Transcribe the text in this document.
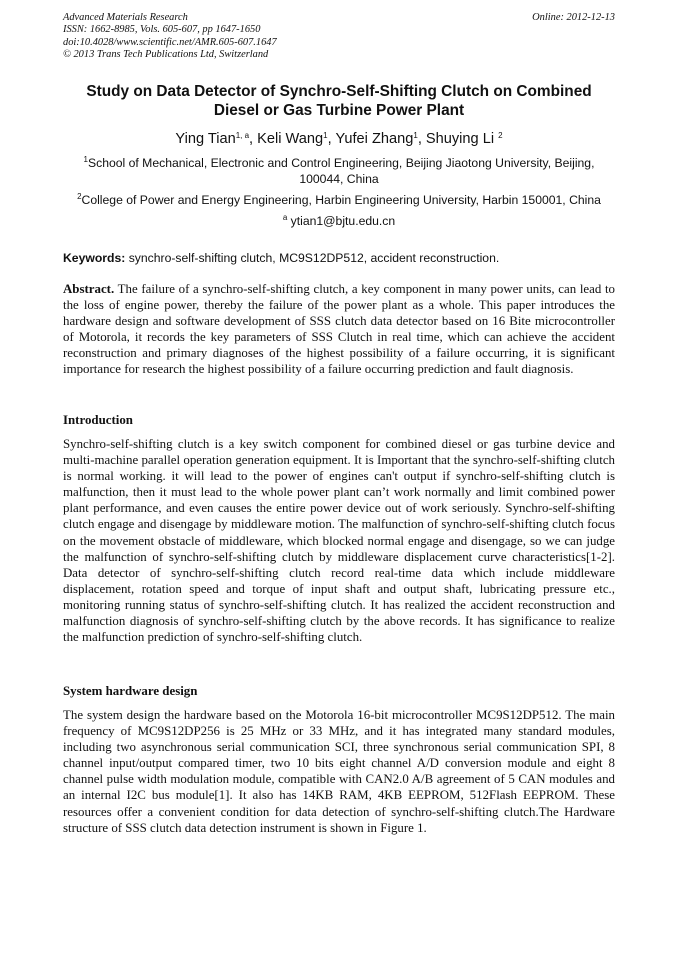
Advanced Materials Research
ISSN: 1662-8985, Vols. 605-607, pp 1647-1650
doi:10.4028/www.scientific.net/AMR.605-607.1647
© 2013 Trans Tech Publications Ltd, Switzerland
Online: 2012-12-13
Study on Data Detector of Synchro-Self-Shifting Clutch on Combined
Diesel or Gas Turbine Power Plant
Ying Tian$^{1, a}$, Keli Wang$^1$, Yufei Zhang$^1$, Shuying Li $^2$
$^1$School of Mechanical, Electronic and Control Engineering, Beijing Jiaotong University, Beijing, 100044, China
$^2$College of Power and Energy Engineering, Harbin Engineering University, Harbin 150001, China
$^a$ ytian1@bjtu.edu.cn
Keywords: synchro-self-shifting clutch, MC9S12DP512, accident reconstruction.
Abstract. The failure of a synchro-self-shifting clutch, a key component in many power units, can lead to the loss of engine power, thereby the failure of the power plant as a whole. This paper introduces the hardware design and software development of SSS clutch data detector based on 16 Bite microcontroller of Motorola, it records the key parameters of SSS Clutch in real time, which can achieve the accident reconstruction and primary diagnoses of the highest possibility of a failure occurring, it is significant importance for research the highest possibility of a failure occurring prediction and fault diagnosis.
Introduction
Synchro-self-shifting clutch is a key switch component for combined diesel or gas turbine device and multi-machine parallel operation generation equipment. It is Important that the synchro-self-shifting clutch is normal working. it will lead to the power of engines can't output if synchro-self-shifting clutch is malfunction, then it must lead to the whole power plant can’t work normally and limit combined power plant performance, and even causes the entire power device out of work seriously. Synchro-self-shifting clutch engage and disengage by middleware motion. The malfunction of synchro-self-shifting clutch focus on the movement obstacle of middleware, which blocked normal engage and disengage, so we can judge the malfunction of synchro-self-shifting clutch by middleware displacement curve characteristics[1-2]. Data detector of synchro-self-shifting clutch record real-time data which include middleware displacement, rotation speed and torque of input shaft and output shaft, lubricating pressure etc., monitoring running status of synchro-self-shifting clutch. It has realized the accident reconstruction and malfunction diagnosis of synchro-self-shifting clutch by the above records. It has significance to realize the malfunction prediction of synchro-self-shifting clutch.
System hardware design
The system design the hardware based on the Motorola 16-bit microcontroller MC9S12DP512. The main frequency of MC9S12DP256 is 25 MHz or 33 MHz, and it has integrated many standard modules, including two asynchronous serial communication SCI, three synchronous serial communication SPI, 8 channel input/output compared timer, two 10 bits eight channel A/D conversion module and eight 8 channel pulse width modulation module, compatible with CAN2.0 A/B agreement of 5 CAN modules and an internal I2C bus module[1]. It also has 14KB RAM, 4KB EEPROM, 512Flash EEPROM. These resources offer a convenient condition for data detection of synchro-self-shifting clutch.The Hardware structure of SSS clutch data detection instrument is shown in Figure 1.
